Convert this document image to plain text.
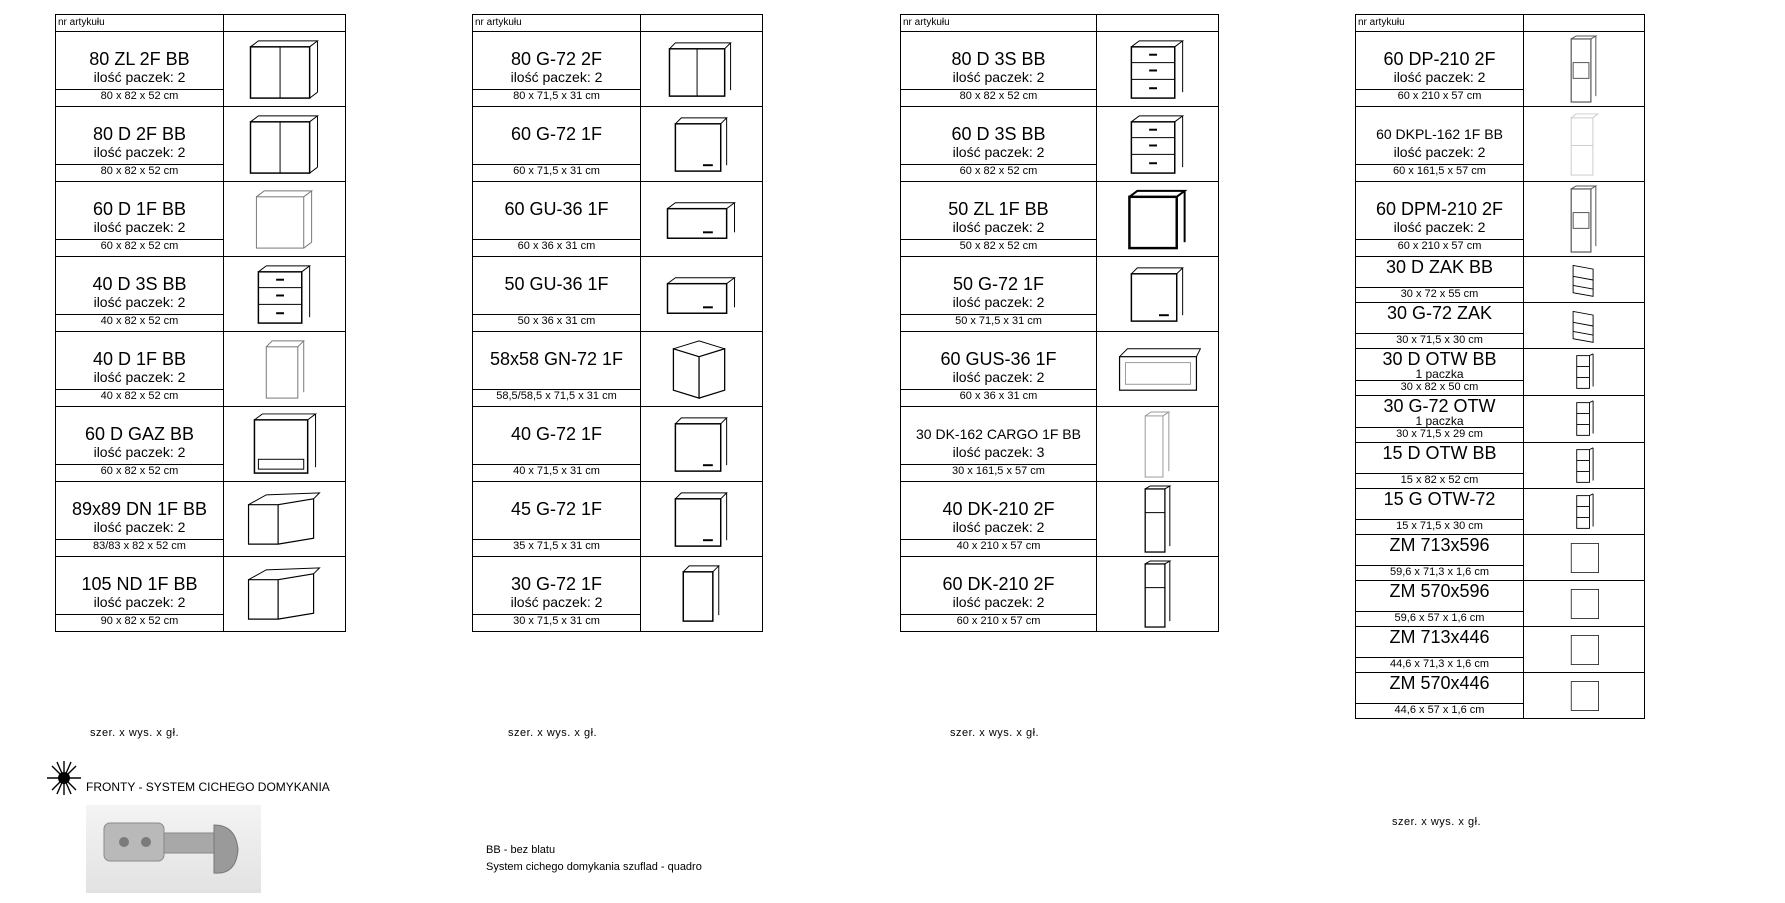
nr artykułu	

80 ZL 2F BB
ilość paczek: 2

80 x 82 x 52 cm	

80 D 2F BB
ilość paczek: 2

80 x 82 x 52 cm	

60 D 1F BB
ilość paczek: 2

60 x 82 x 52 cm	

40 D 3S BB
ilość paczek: 2

40 x 82 x 52 cm	

40 D 1F BB
ilość paczek: 2

40 x 82 x 52 cm	

60 D GAZ BB
ilość paczek: 2

60 x 82 x 52 cm	

89x89 DN 1F BB
ilość paczek: 2

83/83 x 82 x 52 cm	

105 ND 1F BB
ilość paczek: 2

90 x 82 x 52 cm	
nr artykułu	

80 G-72 2F
ilość paczek: 2

80 x 71,5 x 31 cm	

60 G-72 1F

60 x 71,5 x 31 cm	

60 GU-36 1F

60 x 36 x 31 cm	

50 GU-36 1F

50 x 36 x 31 cm	

58x58 GN-72 1F

58,5/58,5 x 71,5 x 31 cm	

40 G-72 1F

40 x 71,5 x 31 cm	

45 G-72 1F

35 x 71,5 x 31 cm	

30 G-72 1F
ilość paczek: 2

30 x 71,5 x 31 cm	
nr artykułu	

80 D 3S BB
ilość paczek: 2

80 x 82 x 52 cm	

60 D 3S BB
ilość paczek: 2

60 x 82 x 52 cm	

50 ZL 1F BB
ilość paczek: 2

50 x 82 x 52 cm	

50 G-72 1F
ilość paczek: 2

50 x 71,5 x 31 cm	

60 GUS-36 1F
ilość paczek: 2

60 x 36 x 31 cm	

30 DK-162 CARGO 1F BB
ilość paczek: 3

30 x 161,5 x 57 cm	

40 DK-210 2F
ilość paczek: 2

40 x 210 x 57 cm	

60 DK-210 2F
ilość paczek: 2

60 x 210 x 57 cm	
nr artykułu	

60 DP-210 2F
ilość paczek: 2

60 x 210 x 57 cm	

60 DKPL-162 1F BB
ilość paczek: 2

60 x 161,5 x 57 cm	

60 DPM-210 2F
ilość paczek: 2

60 x 210 x 57 cm	

30 D ZAK BB

30 x 72 x 55 cm	

30 G-72 ZAK

30 x 71,5 x 30 cm	

30 D OTW BB
1 paczka

30 x 82 x 50 cm	

30 G-72 OTW
1 paczka

30 x 71,5 x 29 cm	

15 D OTW BB

15 x 82 x 52 cm	

15 G OTW-72

15 x 71,5 x 30 cm	

ZM 713x596

59,6 x 71,3 x 1,6 cm	

ZM 570x596

59,6 x 57 x 1,6 cm	

ZM 713x446

44,6 x 71,3 x 1,6 cm	

ZM 570x446

44,6 x 57 x 1,6 cm	
szer. x wys. x gł.	szer. x wys. x gł.	szer. x wys. x gł.
szer. x wys. x gł.
FRONTY - SYSTEM CICHEGO DOMYKANIA
BB - bez blatu
System cichego domykania szuflad - quadro
